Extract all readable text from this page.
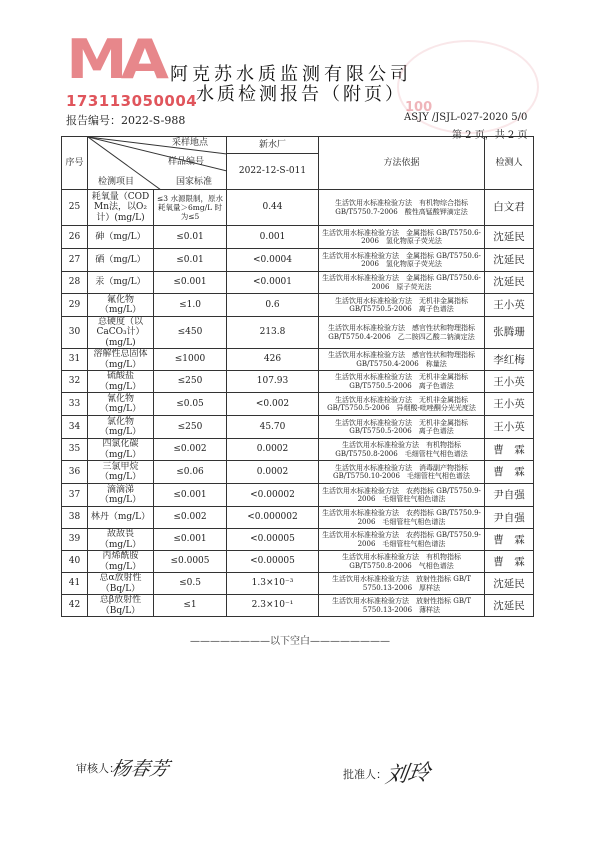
MA
173113050004
阿克苏水质监测有限公司
水质检测报告（附页）
100
报告编号：2022-S-988	ASJY /JSJL-027-2020 5/0
第 2 页，共 2 页
序号	采样地点
样品编号
国家标准
检测项目		新水厂	方法依据	检测人
			2022-12-S-011		

25	耗氧量（COD Mn法，以O₂计）(mg/L)	≤3 水源限制，原水耗氧量＞6mg/L 时为≤5	0.44	生活饮用水标准检验方法　有机物综合指标 GB/T5750.7-2006　酸性高锰酸钾滴定法	白文君
26	砷（mg/L）	≤0.01	0.001	生活饮用水标准检验方法　金属指标 GB/T5750.6-2006　氢化物原子荧光法	沈延民
27	硒（mg/L）	≤0.01	<0.0004	生活饮用水标准检验方法　金属指标 GB/T5750.6-2006　氢化物原子荧光法	沈延民
28	汞（mg/L）	≤0.001	<0.0001	生活饮用水标准检验方法　金属指标 GB/T5750.6-2006　原子荧光法	沈延民
29	氟化物（mg/L）	≤1.0	0.6	生活饮用水标准检验方法　无机非金属指标 GB/T5750.5-2006　离子色谱法	王小英
30	总硬度（以CaCO₃计）(mg/L)	≤450	213.8	生活饮用水标准检验方法　感官性状和物理指标 GB/T5750.4-2006　乙二胺四乙酸二钠滴定法	张腾珊
31	溶解性总固体（mg/L）	≤1000	426	生活饮用水标准检验方法　感官性状和物理指标 GB/T5750.4-2006　称量法	李红梅
32	硫酸盐（mg/L）	≤250	107.93	生活饮用水标准检验方法　无机非金属指标 GB/T5750.5-2006　离子色谱法	王小英
33	氰化物（mg/L）	≤0.05	<0.002	生活饮用水标准检验方法　无机非金属指标 GB/T5750.5-2006　异烟酸-吡唑酮分光光度法	王小英
34	氯化物（mg/L）	≤250	45.70	生活饮用水标准检验方法　无机非金属指标 GB/T5750.5-2006　离子色谱法	王小英
35	四氯化碳（mg/L）	≤0.002	0.0002	生活饮用水标准检验方法　有机物指标 GB/T5750.8-2006　毛细管柱气相色谱法	曹　霖
36	三氯甲烷（mg/L）	≤0.06	0.0002	生活饮用水标准检验方法　消毒副产物指标 GB/T5750.10-2006　毛细管柱气相色谱法	曹　霖
37	滴滴涕（mg/L）	≤0.001	<0.00002	生活饮用水标准检验方法　农药指标 GB/T5750.9-2006　毛细管柱气相色谱法	尹自强
38	林丹（mg/L）	≤0.002	<0.000002	生活饮用水标准检验方法　农药指标 GB/T5750.9-2006　毛细管柱气相色谱法	尹自强
39	敌敌畏（mg/L）	≤0.001	<0.00005	生活饮用水标准检验方法　农药指标 GB/T5750.9-2006　毛细管柱气相色谱法	曹　霖
40	丙烯酰胺（mg/L）	≤0.0005	<0.00005	生活饮用水标准检验方法　有机物指标 GB/T5750.8-2006　气相色谱法	曹　霖
41	总α放射性（Bq/L）	≤0.5	1.3×10⁻³	生活饮用水标准检验方法　放射性指标 GB/T 5750.13-2006　厚样法	沈延民
42	总β放射性（Bq/L）	≤1	2.3×10⁻¹	生活饮用水标准检验方法　放射性指标 GB/T 5750.13-2006　薄样法	沈延民
————————以下空白————————
审核人：
杨春芳	批准人：
刘玲
